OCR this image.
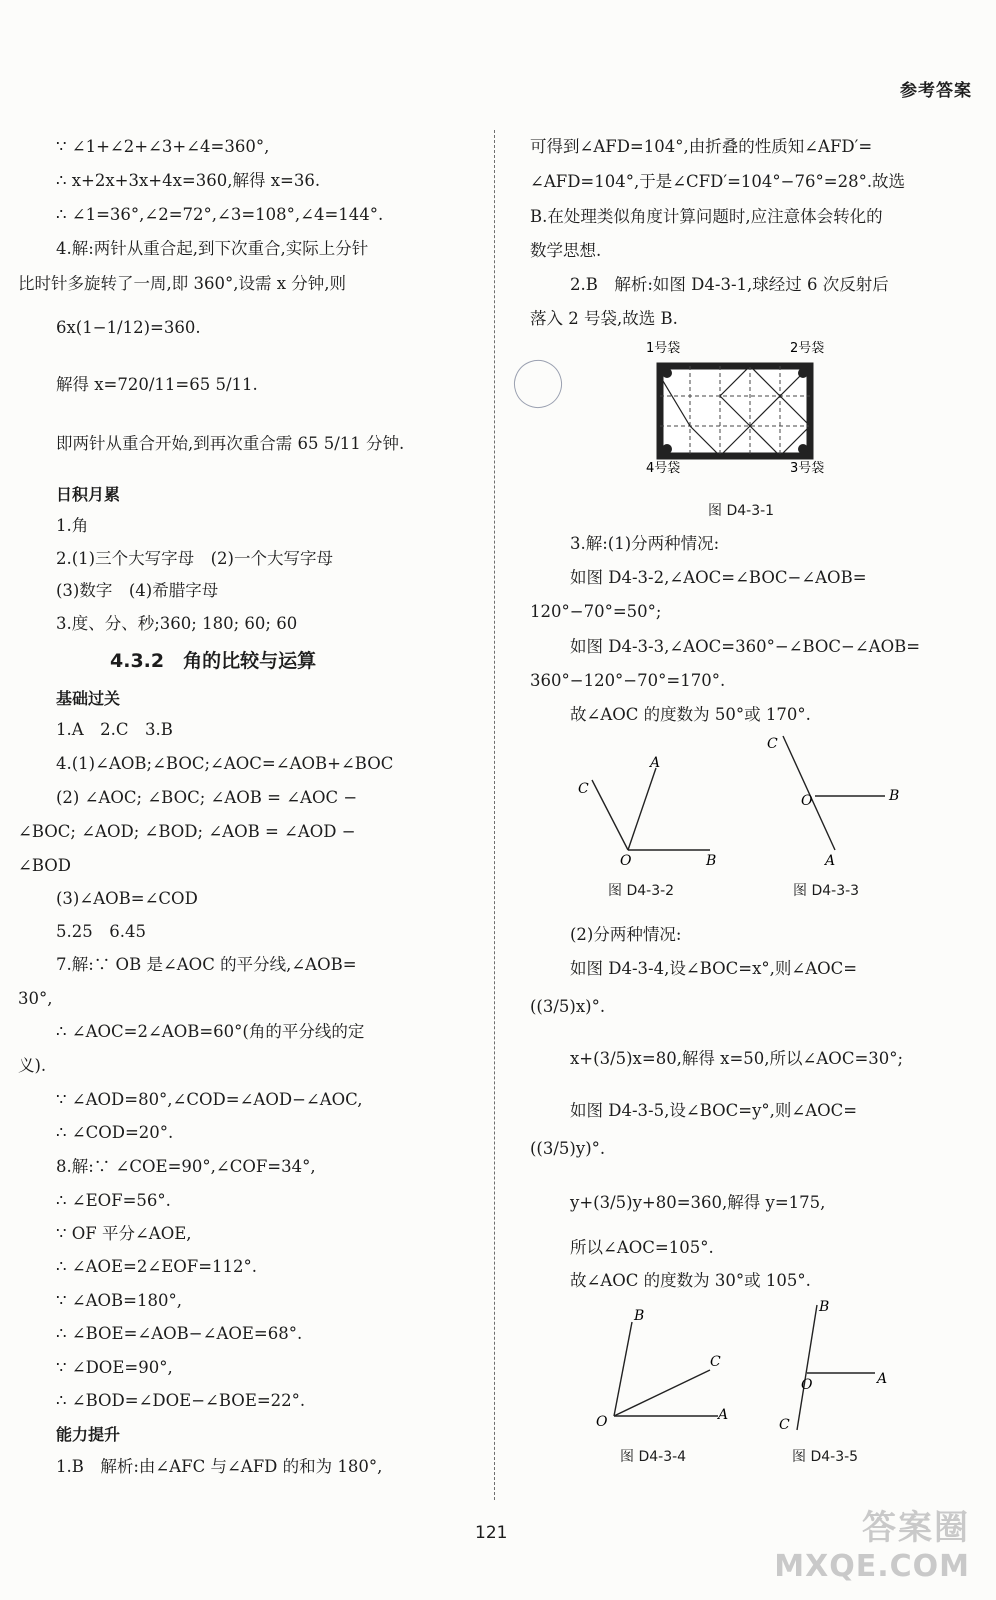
参考答案
∵ ∠1+∠2+∠3+∠4=360°,
∴ x+2x+3x+4x=360,解得 x=36.
∴ ∠1=36°,∠2=72°,∠3=108°,∠4=144°.
4.解:两针从重合起,到下次重合,实际上分针
比时针多旋转了一周,即 360°,设需 x 分钟,则
6x(1−1/12)=360.
解得 x=720/11=65 5/11.
即两针从重合开始,到再次重合需 65 5/11 分钟.
日积月累
1.角
2.(1)三个大写字母　(2)一个大写字母
(3)数字　(4)希腊字母
3.度、分、秒;360; 180; 60; 60
4.3.2　角的比较与运算
基础过关
1.A　2.C　3.B
4.(1)∠AOB;∠BOC;∠AOC=∠AOB+∠BOC
(2) ∠AOC; ∠BOC; ∠AOB = ∠AOC −
∠BOC; ∠AOD; ∠BOD; ∠AOB = ∠AOD −
∠BOD
(3)∠AOB=∠COD
5.25　6.45
7.解:∵ OB 是∠AOC 的平分线,∠AOB=
30°,
∴ ∠AOC=2∠AOB=60°(角的平分线的定
义).
∵ ∠AOD=80°,∠COD=∠AOD−∠AOC,
∴ ∠COD=20°.
8.解:∵ ∠COE=90°,∠COF=34°,
∴ ∠EOF=56°.
∵ OF 平分∠AOE,
∴ ∠AOE=2∠EOF=112°.
∵ ∠AOB=180°,
∴ ∠BOE=∠AOB−∠AOE=68°.
∵ ∠DOE=90°,
∴ ∠BOD=∠DOE−∠BOE=22°.
能力提升
1.B　解析:由∠AFC 与∠AFD 的和为 180°,
可得到∠AFD=104°,由折叠的性质知∠AFD′=
∠AFD=104°,于是∠CFD′=104°−76°=28°.故选
B.在处理类似角度计算问题时,应注意体会转化的
数学思想.
2.B　解析:如图 D4-3-1,球经过 6 次反射后
落入 2 号袋,故选 B.
3.解:(1)分两种情况:
如图 D4-3-2,∠AOC=∠BOC−∠AOB=
120°−70°=50°;
如图 D4-3-3,∠AOC=360°−∠BOC−∠AOB=
360°−120°−70°=170°.
故∠AOC 的度数为 50°或 170°.
(2)分两种情况:
如图 D4-3-4,设∠BOC=x°,则∠AOC=
((3/5)x)°.
x+(3/5)x=80,解得 x=50,所以∠AOC=30°;
如图 D4-3-5,设∠BOC=y°,则∠AOC=
((3/5)y)°.
y+(3/5)y+80=360,解得 y=175,
所以∠AOC=105°.
故∠AOC 的度数为 30°或 105°.
1号袋	2号袋
4号袋	3号袋
图 D4-3-1
O	B
A
C
图 D4-3-2
O	B
C
A
图 D4-3-3
O	A
B
C
图 D4-3-4
B
O	A
C
图 D4-3-5
121	答案圈
MXQE.COM
